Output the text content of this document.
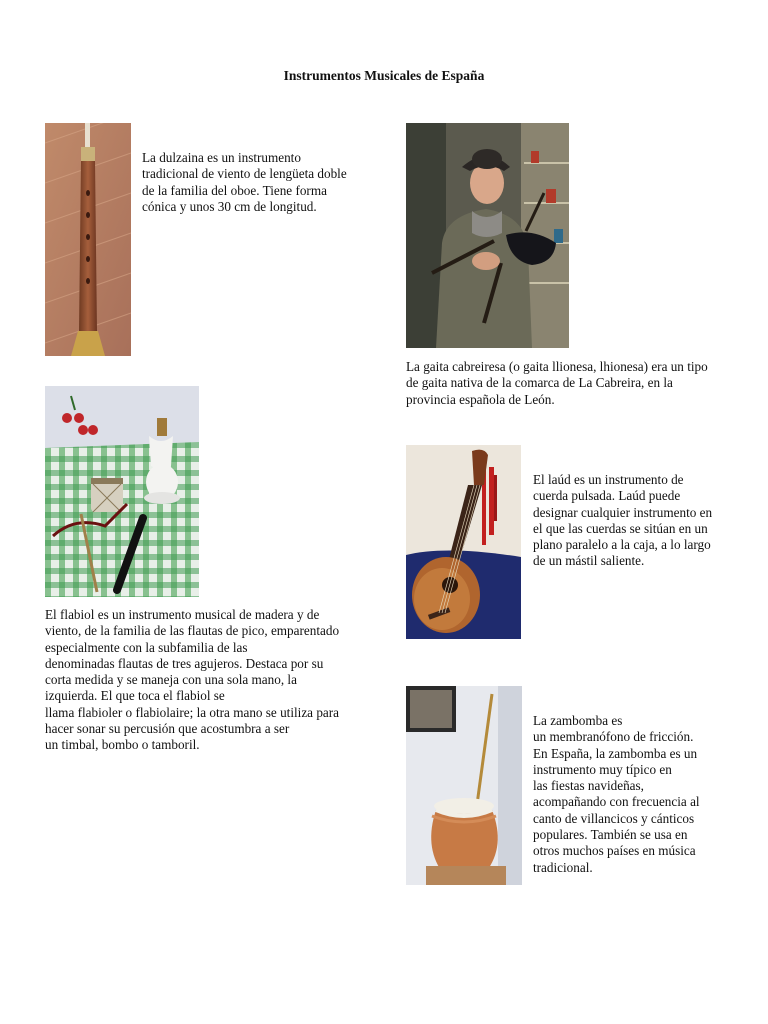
Instrumentos Musicales de España
La dulzaina es un instrumento
tradicional de viento de lengüeta doble
de la familia del oboe. Tiene forma
cónica y unos 30 cm de longitud.
La gaita cabreiresa (o gaita llionesa, lhionesa) era un tipo
de gaita nativa de la comarca de La Cabreira, en la
provincia española de León.
El flabiol es un instrumento musical de madera y de
viento, de la familia de las flautas de pico, emparentado
especialmente con la subfamilia de las
denominadas flautas de tres agujeros. Destaca por su
corta medida y se maneja con una sola mano, la
izquierda. El que toca el flabiol se
llama flabioler o flabiolaire; la otra mano se utiliza para
hacer sonar su percusión que acostumbra a ser
un timbal, bombo o tamboril.
El laúd es un instrumento de
cuerda pulsada. Laúd puede
designar cualquier instrumento en
el que las cuerdas se sitúan en un
plano paralelo a la caja, a lo largo
de un mástil saliente.
La zambomba es
un membranófono de fricción.
En España, la zambomba es un
instrumento muy típico en
las fiestas navideñas,
acompañando con frecuencia al
canto de villancicos y cánticos
populares. También se usa en
otros muchos países en música
tradicional.
